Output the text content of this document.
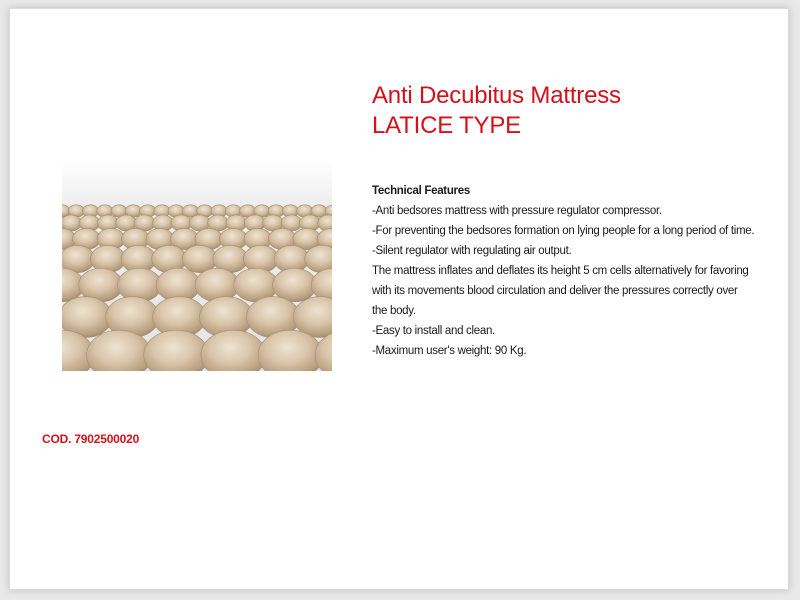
Anti Decubitus Mattress
LATICE TYPE
Technical Features
-Anti bedsores mattress with pressure regulator compressor.
-For preventing the bedsores formation on lying people for a long period of time.
-Silent regulator with regulating air output.
The mattress inflates and deflates its height 5 cm cells alternatively for favoring
with its movements blood circulation and deliver the pressures correctly over
the body.
-Easy to install and clean.
-Maximum user's weight: 90 Kg.
COD. 7902500020
